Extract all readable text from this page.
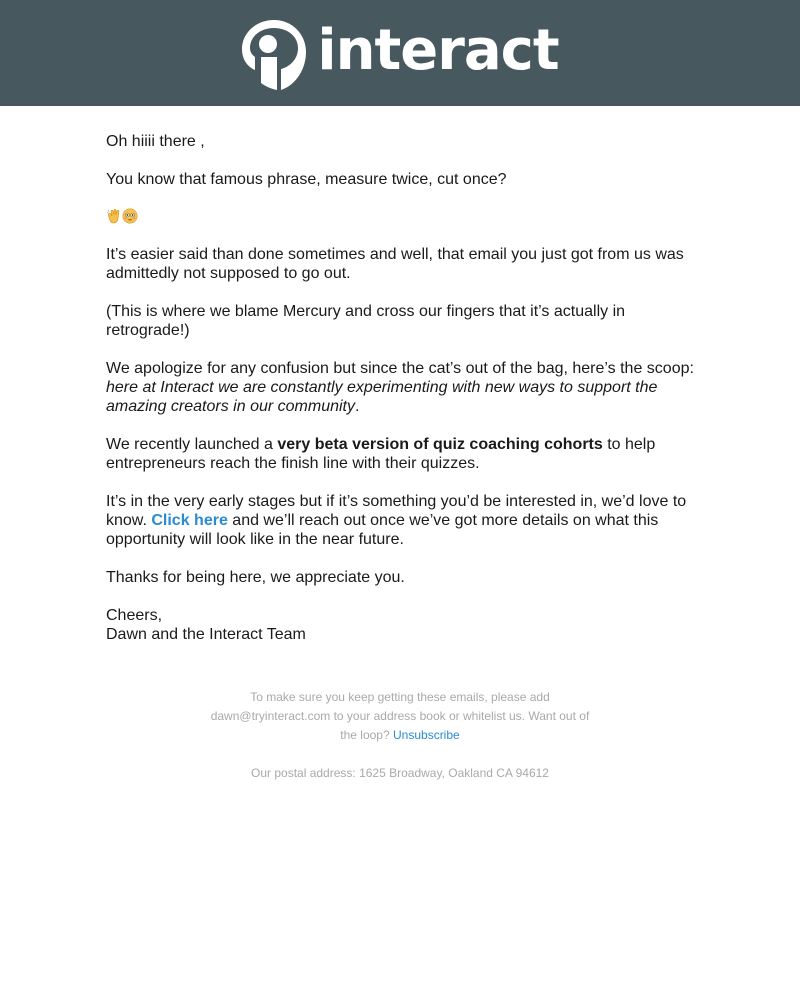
interact

Oh hiiii there ,

You know that famous phrase, measure twice, cut once?

It’s easier said than done sometimes and well, that email you just got from us was admittedly not supposed to go out.

(This is where we blame Mercury and cross our fingers that it’s actually in retrograde!)

We apologize for any confusion but since the cat’s out of the bag, here’s the scoop: here at Interact we are constantly experimenting with new ways to support the amazing creators in our community.

We recently launched a very beta version of quiz coaching cohorts to help entrepreneurs reach the finish line with their quizzes.

It’s in the very early stages but if it’s something you’d be interested in, we’d love to know. Click here and we’ll reach out once we’ve got more details on what this opportunity will look like in the near future.

Thanks for being here, we appreciate you.

Cheers,
Dawn and the Interact Team

To make sure you keep getting these emails, please add dawn@tryinteract.com to your address book or whitelist us. Want out of the loop? Unsubscribe

Our postal address: 1625 Broadway, Oakland CA 94612
